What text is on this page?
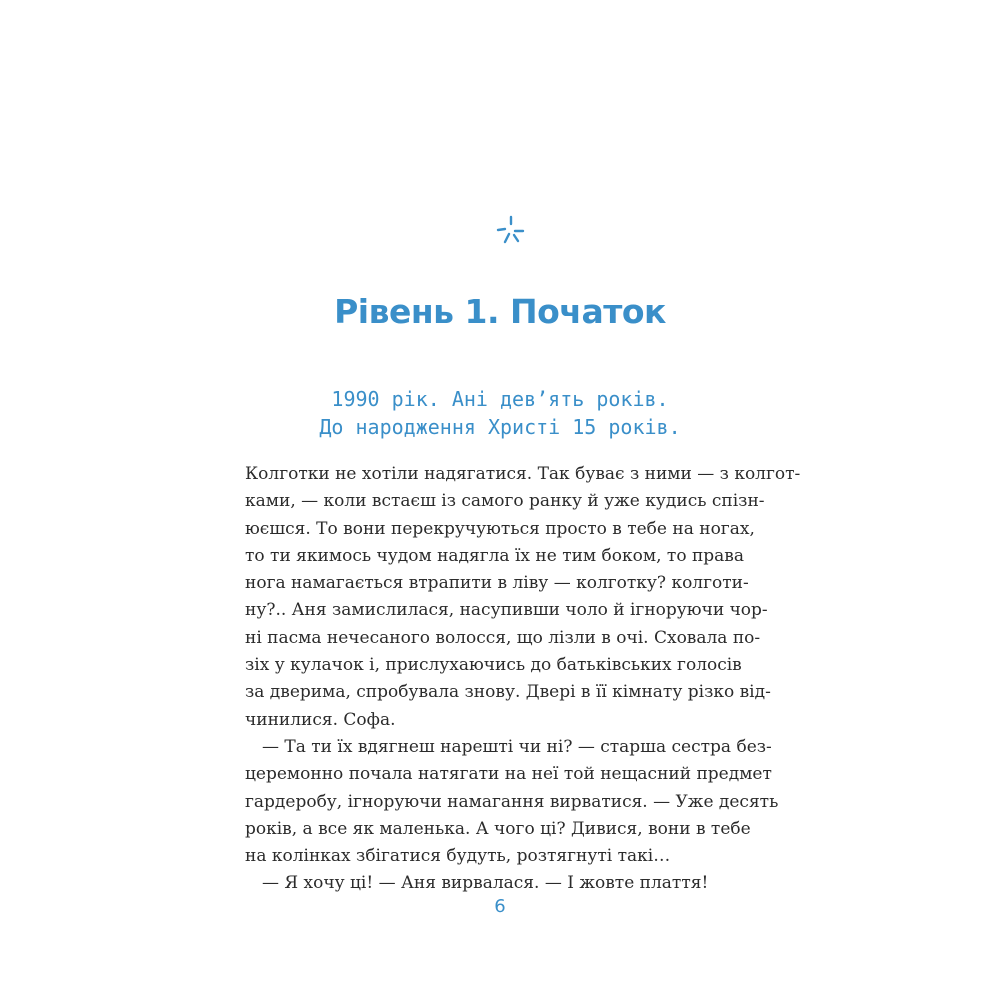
Рівень 1. Початок
1990 рік. Ані дев’ять років.
До народження Христі 15 років.
Колготки не хотіли надягатися. Так буває з ними — з колгот-
ками, — коли встаєш із самого ранку й уже кудись спізн-
юєшся. То вони перекручуються просто в тебе на ногах,
то ти якимось чудом надягла їх не тим боком, то права
нога намагається втрапити в ліву — колготку? колготи-
ну?.. Аня замислилася, насупивши чоло й ігноруючи чор-
ні пасма нечесаного волосся, що лізли в очі. Сховала по-
зіх у кулачок і, прислухаючись до батьківських голосів
за дверима, спробувала знову. Двері в її кімнату різко від-
чинилися. Софа.
— Та ти їх вдягнеш нарешті чи ні? — старша сестра без-
церемонно почала натягати на неї той нещасний предмет
гардеробу, ігноруючи намагання вирватися. — Уже десять
років, а все як маленька. А чого ці? Дивися, вони в тебе
на колінках збігатися будуть, розтягнуті такі…
— Я хочу ці! — Аня вирвалася. — І жовте плаття!
6
